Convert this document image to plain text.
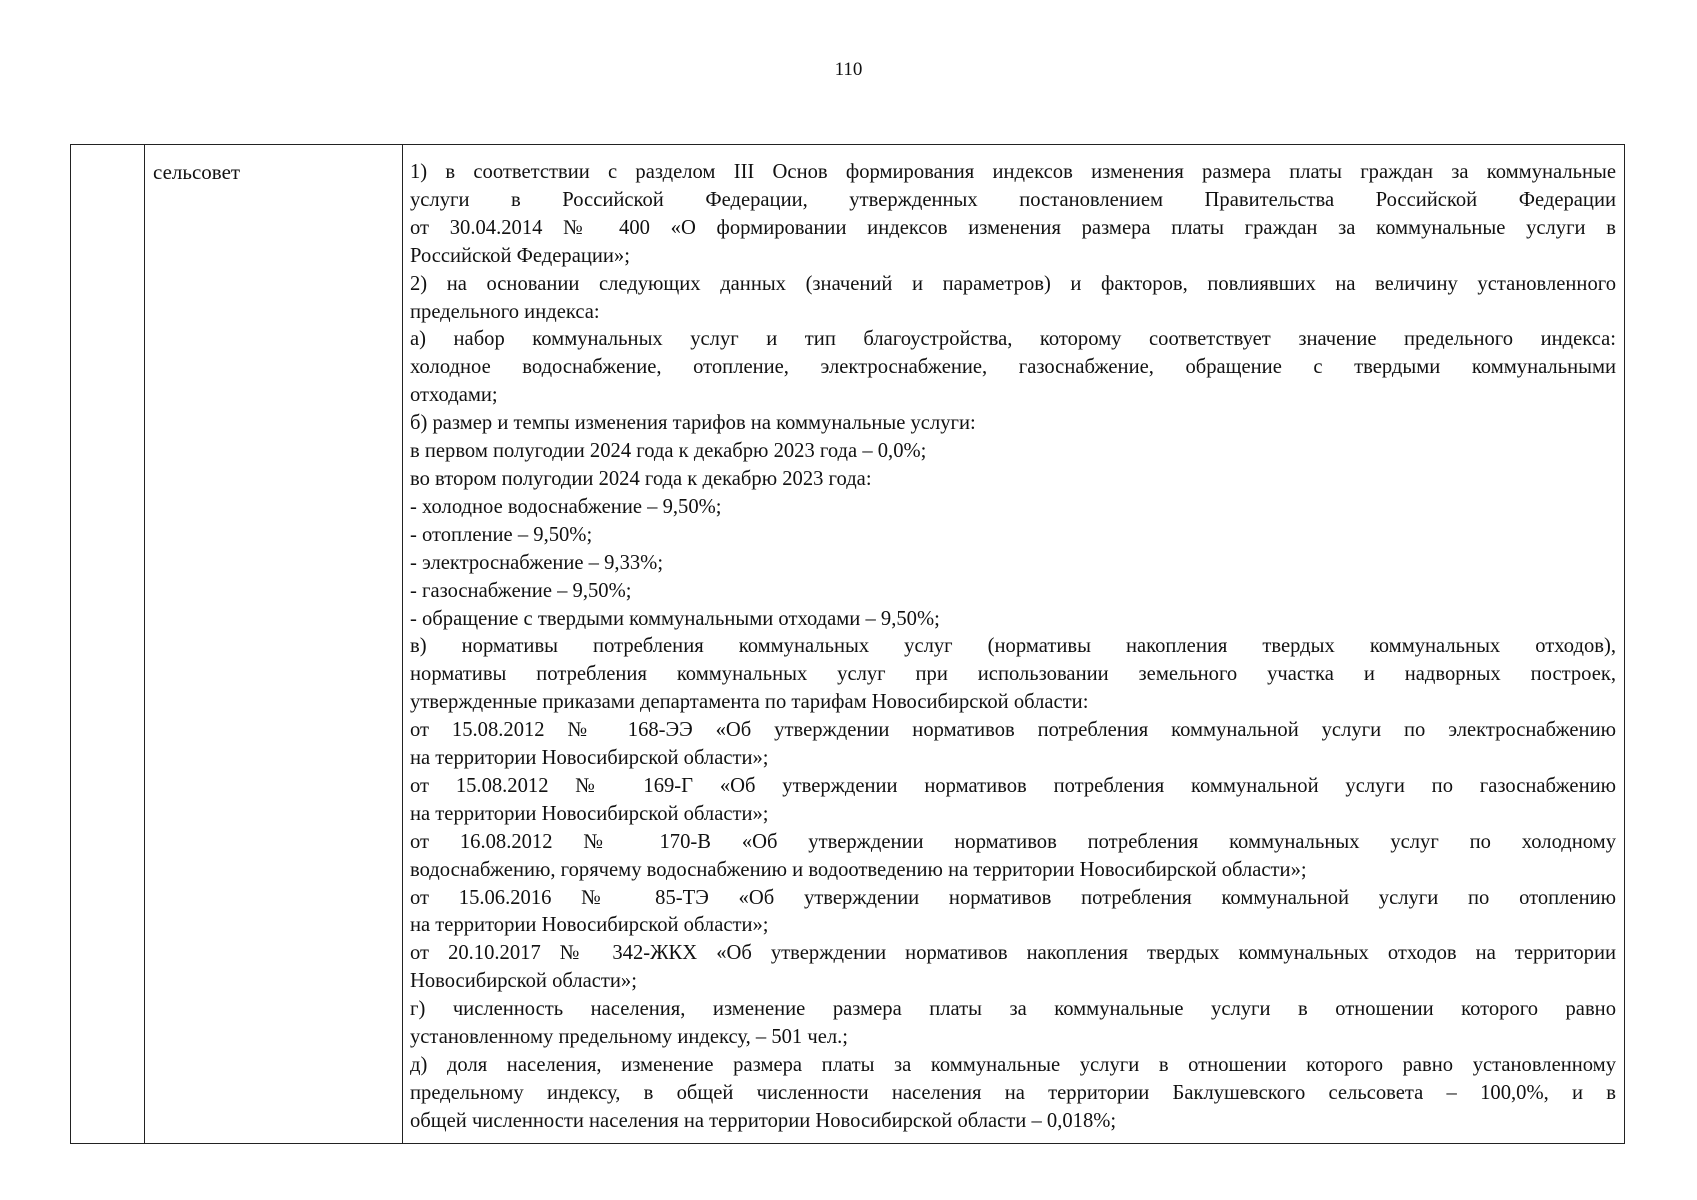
110
сельсовет	1) в соответствии с разделом III Основ формирования индексов изменения размера платы граждан за коммунальные
услуги в Российской Федерации, утвержденных постановлением Правительства Российской Федерации
от 30.04.2014 № 400 «О формировании индексов изменения размера платы граждан за коммунальные услуги в
Российской Федерации»;
2) на основании следующих данных (значений и параметров) и факторов, повлиявших на величину установленного
предельного индекса:
а) набор коммунальных услуг и тип благоустройства, которому соответствует значение предельного индекса:
холодное водоснабжение, отопление, электроснабжение, газоснабжение, обращение с твердыми коммунальными
отходами;
б) размер и темпы изменения тарифов на коммунальные услуги:
в первом полугодии 2024 года к декабрю 2023 года – 0,0%;
во втором полугодии 2024 года к декабрю 2023 года:
- холодное водоснабжение – 9,50%;
- отопление – 9,50%;
- электроснабжение – 9,33%;
- газоснабжение – 9,50%;
- обращение с твердыми коммунальными отходами – 9,50%;
в) нормативы потребления коммунальных услуг (нормативы накопления твердых коммунальных отходов),
нормативы потребления коммунальных услуг при использовании земельного участка и надворных построек,
утвержденные приказами департамента по тарифам Новосибирской области:
от 15.08.2012 № 168-ЭЭ «Об утверждении нормативов потребления коммунальной услуги по электроснабжению
на территории Новосибирской области»;
от 15.08.2012 № 169-Г «Об утверждении нормативов потребления коммунальной услуги по газоснабжению
на территории Новосибирской области»;
от 16.08.2012 № 170-В «Об утверждении нормативов потребления коммунальных услуг по холодному
водоснабжению, горячему водоснабжению и водоотведению на территории Новосибирской области»;
от 15.06.2016 № 85-ТЭ «Об утверждении нормативов потребления коммунальной услуги по отоплению
на территории Новосибирской области»;
от 20.10.2017 № 342-ЖКХ «Об утверждении нормативов накопления твердых коммунальных отходов на территории
Новосибирской области»;
г) численность населения, изменение размера платы за коммунальные услуги в отношении которого равно
установленному предельному индексу, – 501 чел.;
д) доля населения, изменение размера платы за коммунальные услуги в отношении которого равно установленному
предельному индексу, в общей численности населения на территории Баклушевского сельсовета – 100,0%, и в
общей численности населения на территории Новосибирской области – 0,018%;
